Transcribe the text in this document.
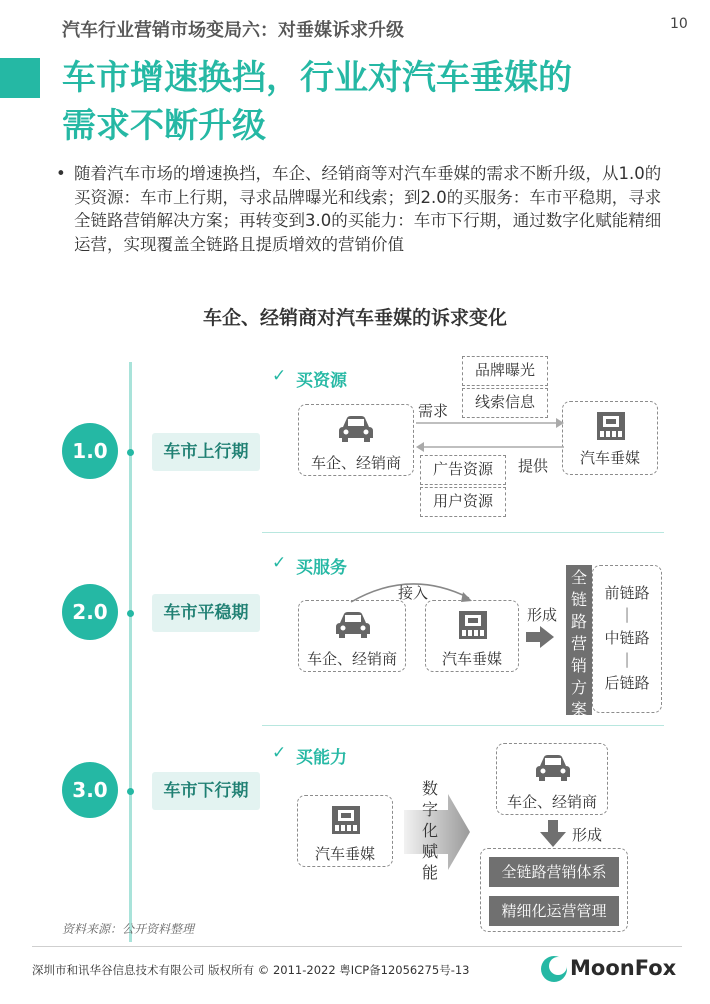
汽车行业营销市场变局六：对垂媒诉求升级	10
车市增速换挡，行业对汽车垂媒的
需求不断升级
• 随着汽车市场的增速换挡，车企、经销商等对汽车垂媒的需求不断升级，从1.0的买资源：车市上行期，寻求品牌曝光和线索；到2.0的买服务：车市平稳期，寻求全链路营销解决方案；再转变到3.0的买能力：车市下行期，通过数字化赋能精细运营，实现覆盖全链路且提质增效的营销价值
车企、经销商对汽车垂媒的诉求变化
1.0
2.0
3.0
车市上行期
车市平稳期
车市下行期
✓ 买资源
✓ 买服务
✓ 买能力
车企、经销商	汽车垂媒
需求
提供
品牌曝光
线索信息
广告资源
用户资源
车企、经销商	汽车垂媒
接入
形成
全
链
路
营
销
方
案
前链路
|
中链路
|
后链路
汽车垂媒
数
字
化
赋
能
车企、经销商
形成
全链路营销体系
精细化运营管理
资料来源：公开资料整理
深圳市和讯华谷信息技术有限公司 版权所有 © 2011-2022 粤ICP备12056275号-13	MoonFox
